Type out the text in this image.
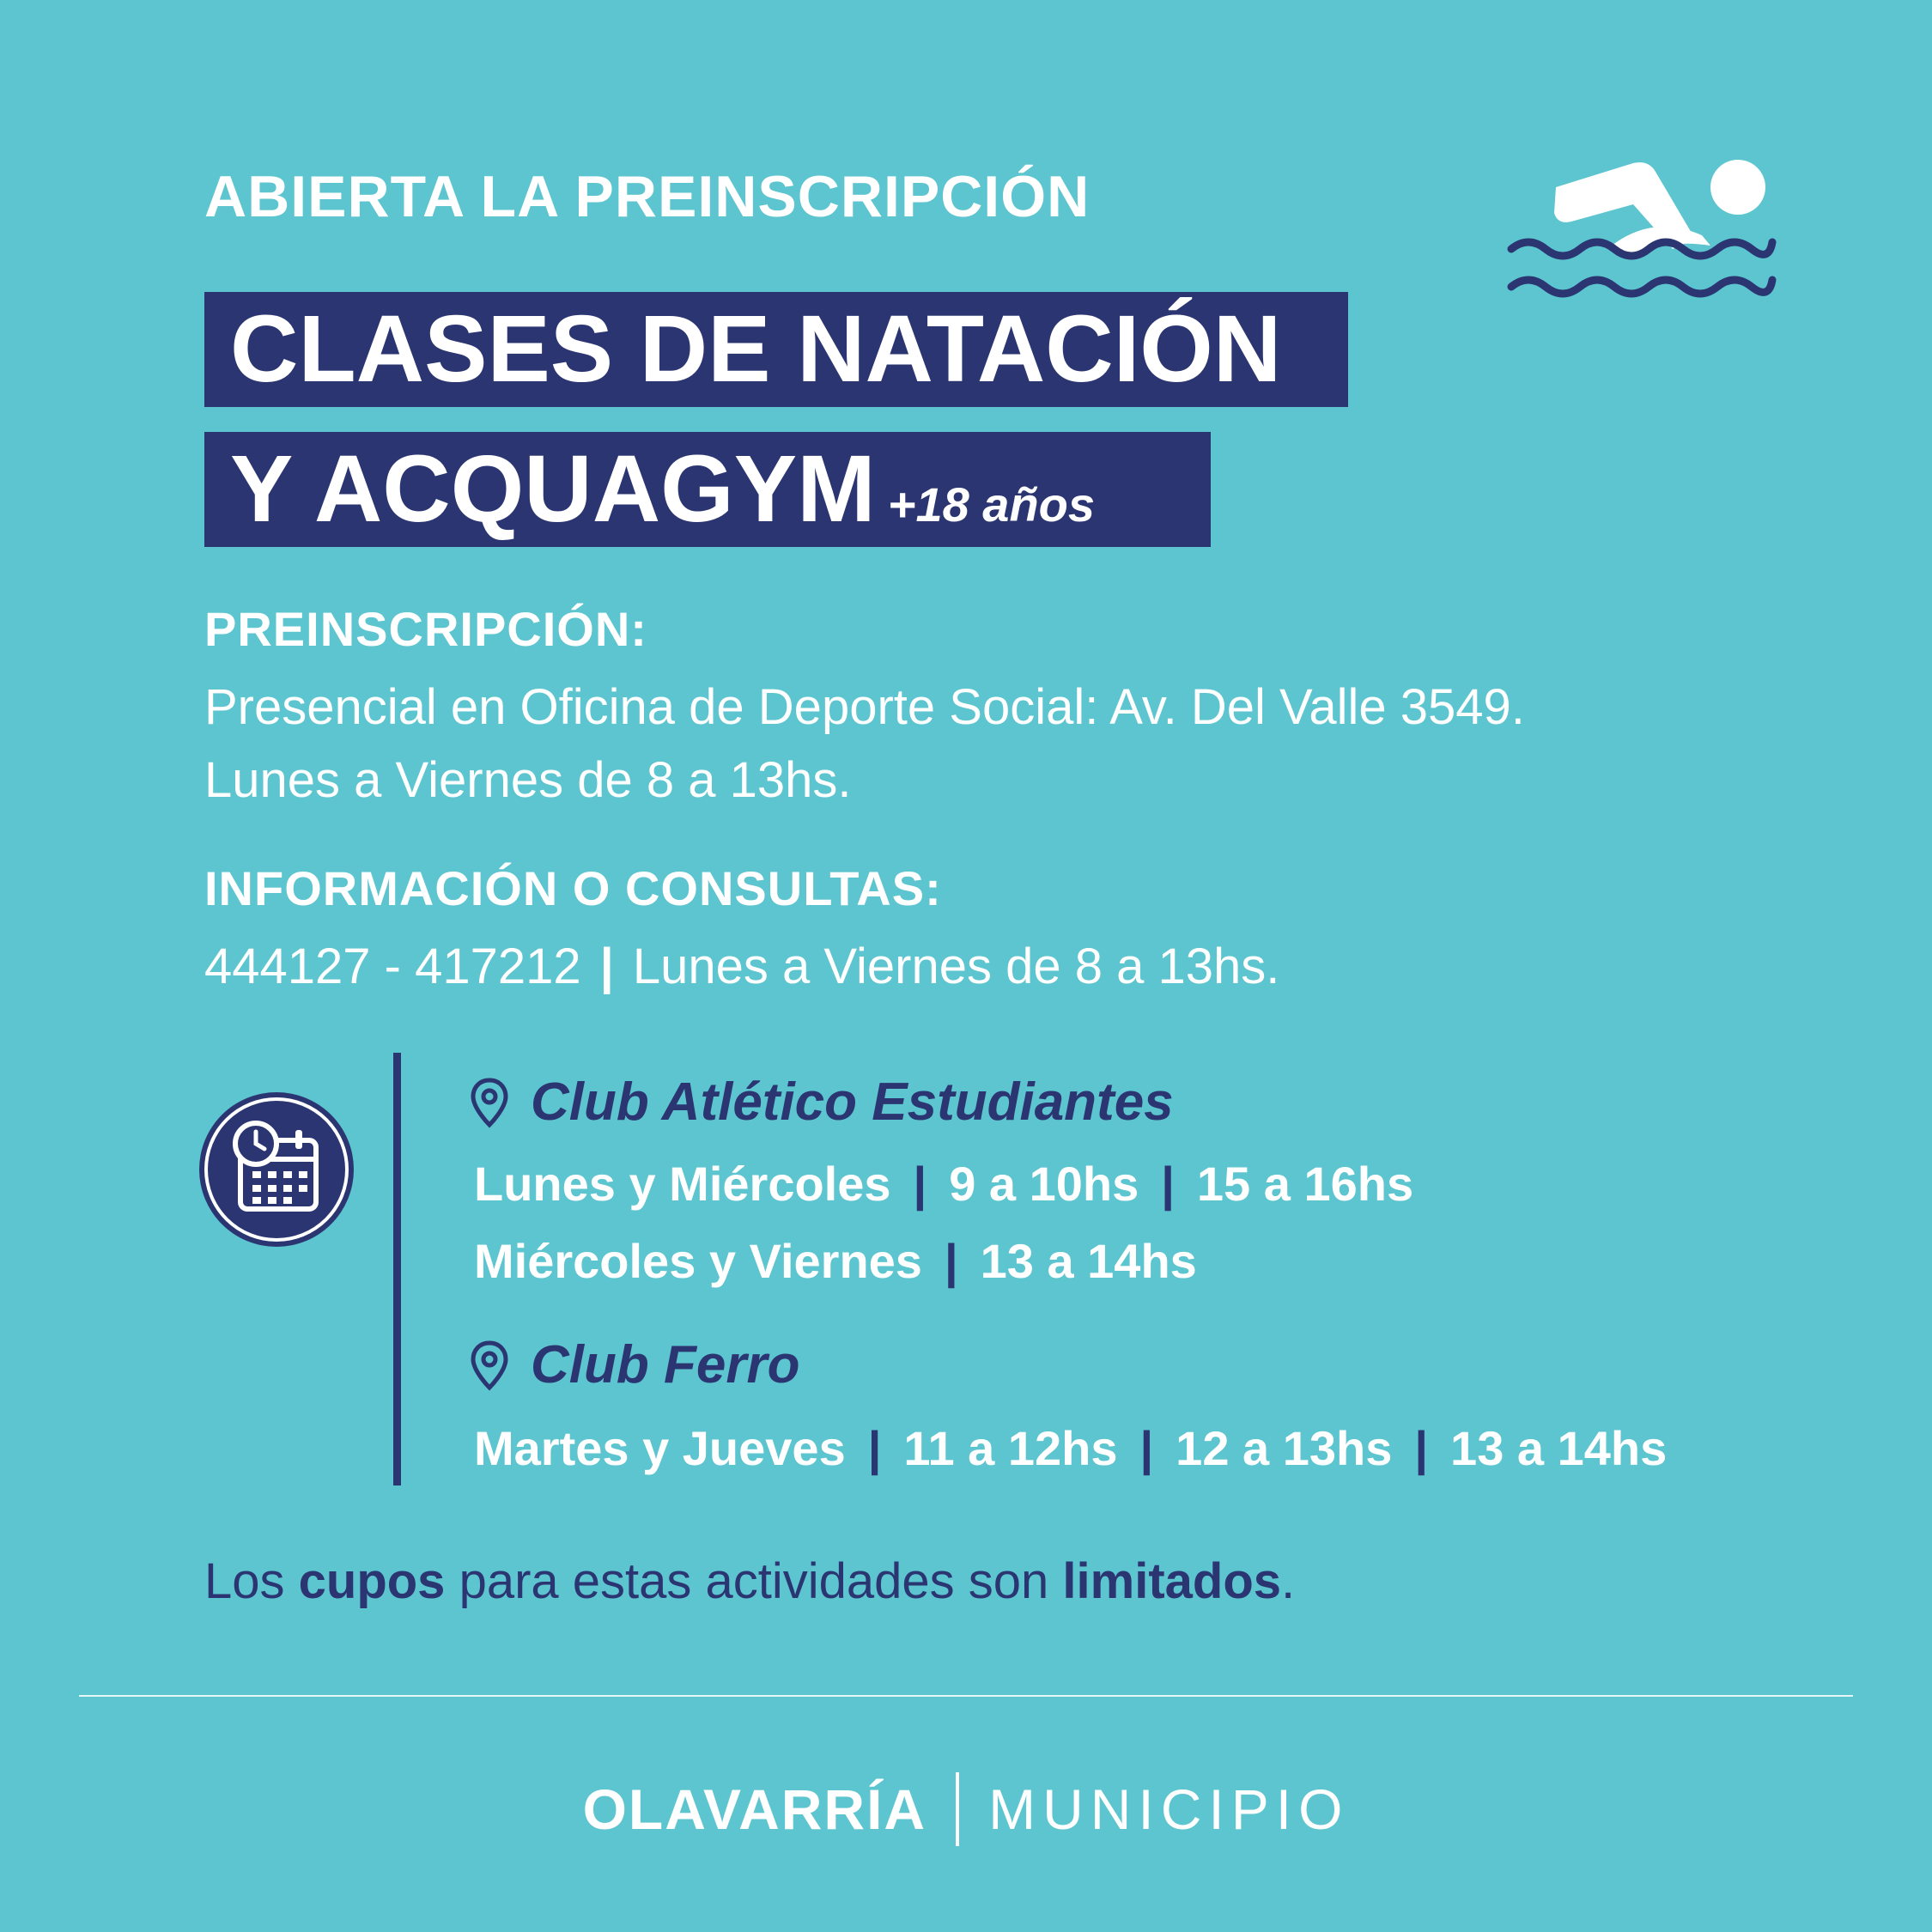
ABIERTA LA PREINSCRIPCIÓN
CLASES DE NATACIÓN
Y ACQUAGYM +18 años
PREINSCRIPCIÓN:
Presencial en Oficina de Deporte Social: Av. Del Valle 3549.
Lunes a Viernes de 8 a 13hs.
INFORMACIÓN O CONSULTAS:
444127 - 417212 | Lunes a Viernes de 8 a 13hs.
Club Atlético Estudiantes
Lunes y Miércoles | 9 a 10hs | 15 a 16hs
Miércoles y Viernes | 13 a 14hs
Club Ferro
Martes y Jueves | 11 a 12hs | 12 a 13hs | 13 a 14hs
Los cupos para estas actividades son limitados.
OLAVARRÍA MUNICIPIO
